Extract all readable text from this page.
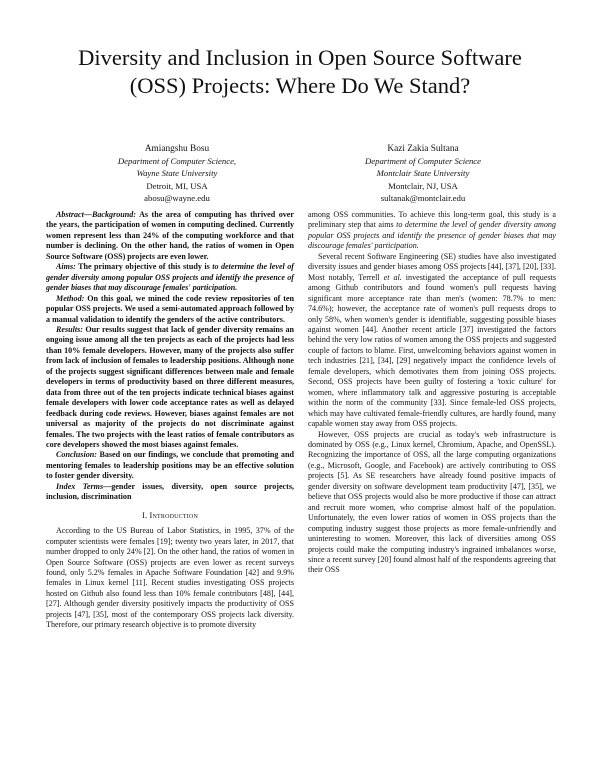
Diversity and Inclusion in Open Source Software
(OSS) Projects: Where Do We Stand?
Amiangshu Bosu
Department of Computer Science,
Wayne State University
Detroit, MI, USA
abosu@wayne.edu
Kazi Zakia Sultana
Department of Computer Science
Montclair State University
Montclair, NJ, USA
sultanak@montclair.edu

Abstract—Background: As the area of computing has thrived over the years, the participation of women in computing declined. Currently women represent less than 24% of the computing workforce and that number is declining. On the other hand, the ratios of women in Open Source Software (OSS) projects are even lower.

Aims: The primary objective of this study is to determine the level of gender diversity among popular OSS projects and identify the presence of gender biases that may discourage females' participation.

Method: On this goal, we mined the code review repositories of ten popular OSS projects. We used a semi-automated approach followed by a manual validation to identify the genders of the active contributors.

Results: Our results suggest that lack of gender diversity remains an ongoing issue among all the ten projects as each of the projects had less than 10% female developers. However, many of the projects also suffer from lack of inclusion of females to leadership positions. Although none of the projects suggest significant differences between male and female developers in terms of productivity based on three different measures, data from three out of the ten projects indicate technical biases against female developers with lower code acceptance rates as well as delayed feedback during code reviews. However, biases against females are not universal as majority of the projects do not discriminate against females. The two projects with the least ratios of female contributors as core developers showed the most biases against females.

Conclusion: Based on our findings, we conclude that promoting and mentoring females to leadership positions may be an effective solution to foster gender diversity.

Index Terms—gender issues, diversity, open source projects, inclusion, discrimination

I. Introduction

According to the US Bureau of Labor Statistics, in 1995, 37% of the computer scientists were females [19]; twenty two years later, in 2017, that number dropped to only 24% [2]. On the other hand, the ratios of women in Open Source Software (OSS) projects are even lower as recent surveys found, only 5.2% females in Apache Software Foundation [42] and 9.9% females in Linux kernel [11]. Recent studies investigating OSS projects hosted on Github also found less than 10% female contributors [48], [44], [27]. Although gender diversity positively impacts the productivity of OSS projects [47], [35], most of the contemporary OSS projects lack diversity. Therefore, our primary research objective is to promote diversity

among OSS communities. To achieve this long-term goal, this study is a preliminary step that aims to determine the level of gender diversity among popular OSS projects and identify the presence of gender biases that may discourage females' participation.

Several recent Software Engineering (SE) studies have also investigated diversity issues and gender biases among OSS projects [44], [37], [20], [33]. Most notably, Terrell et al. investigated the acceptance of pull requests among Github contributors and found women's pull requests having significant more acceptance rate than men's (women: 78.7% to men: 74.6%); however, the acceptance rate of women's pull requests drops to only 58%, when women's gender is identifiable, suggesting possible biases against women [44]. Another recent article [37] investigated the factors behind the very low ratios of women among the OSS projects and suggested couple of factors to blame. First, unwelcoming behaviors against women in tech industries [21], [34], [29] negatively impact the confidence levels of female developers, which demotivates them from joining OSS projects. Second, OSS projects have been guilty of fostering a 'toxic culture' for women, where inflammatory talk and aggressive posturing is acceptable within the norm of the community [33]. Since female-led OSS projects, which may have cultivated female-friendly cultures, are hardly found, many capable women stay away from OSS projects.

However, OSS projects are crucial as today's web infrastructure is dominated by OSS (e.g., Linux kernel, Chromium, Apache, and OpenSSL). Recognizing the importance of OSS, all the large computing organizations (e.g., Microsoft, Google, and Facebook) are actively contributing to OSS projects [5]. As SE researchers have already found positive impacts of gender diversity on software development team productivity [47], [35], we believe that OSS projects would also be more productive if those can attract and recruit more women, who comprise almost half of the population. Unfortunately, the even lower ratios of women in OSS projects than the computing industry suggest those projects as more female-unfriendly and uninteresting to women. Moreover, this lack of diversities among OSS projects could make the computing industry's ingrained imbalances worse, since a recent survey [20] found almost half of the respondents agreeing that their OSS
